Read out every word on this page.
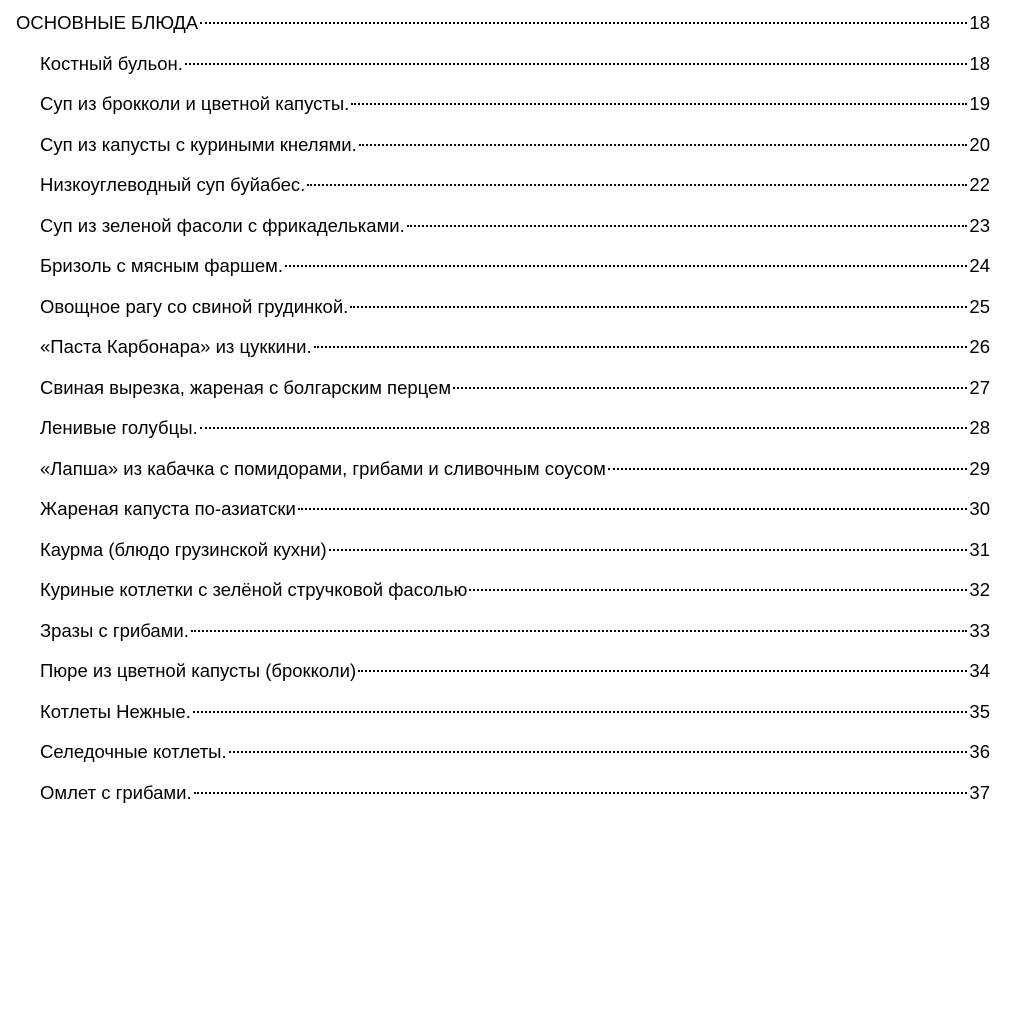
ОСНОВНЫЕ БЛЮДА	18
Костный бульон.	18
Суп из брокколи и цветной капусты.	19
Суп из капусты с куриными кнелями.	20
Низкоуглеводный суп буйабес.	22
Суп из зеленой фасоли с фрикадельками.	23
Бризоль с мясным фаршем.	24
Овощное рагу со свиной грудинкой.	25
«Паста Карбонара» из цуккини.	26
Свиная вырезка, жареная с болгарским перцем	27
Ленивые голубцы.	28
«Лапша» из кабачка с помидорами, грибами и сливочным соусом	29
Жареная капуста по-азиатски	30
Каурма (блюдо грузинской кухни)	31
Куриные котлетки с зелёной стручковой фасолью	32
Зразы с грибами.	33
Пюре из цветной капусты (брокколи)	34
Котлеты Нежные.	35
Селедочные котлеты.	36
Омлет с грибами.	37
